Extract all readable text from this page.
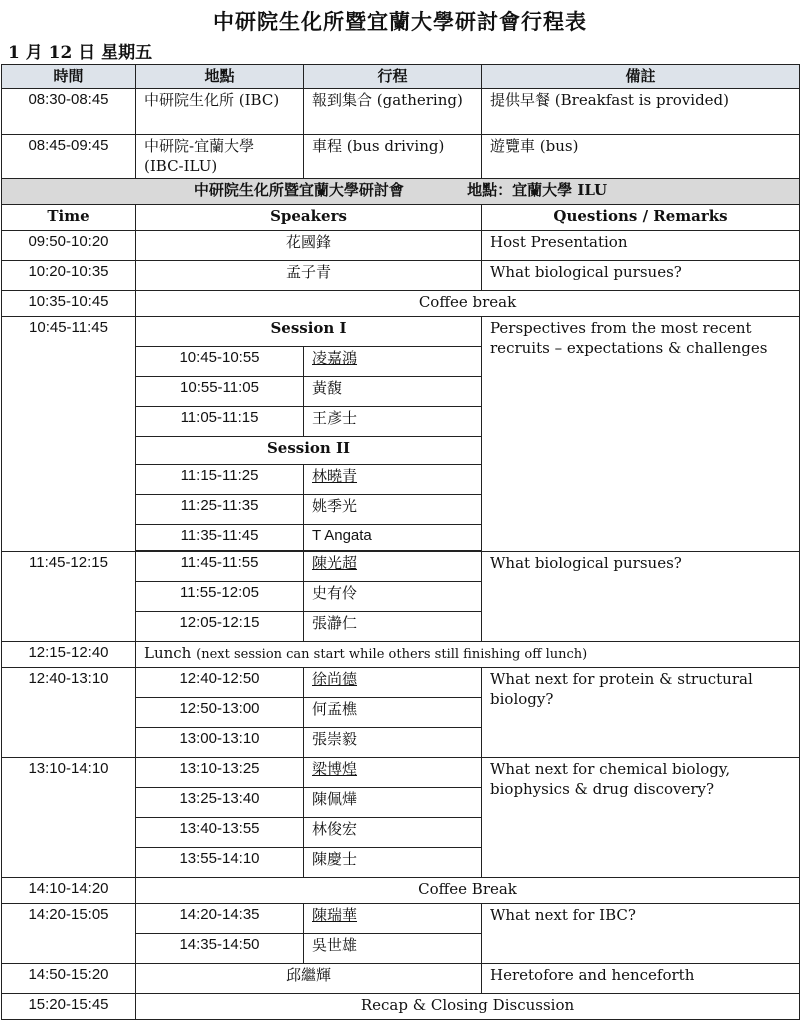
中研院生化所暨宜蘭大學研討會行程表
1 月 12 日 星期五
時間	地點	行程	備註
08:30-08:45	中研院生化所 (IBC)	報到集合 (gathering)	提供早餐 (Breakfast is provided)
08:45-09:45	中研院-宜蘭大學 (IBC-ILU)	車程 (bus driving)	遊覽車 (bus)
中研院生化所暨宜蘭大學研討會 地點：宜蘭大學 ILU			
Time	Speakers		Questions / Remarks
09:50-10:20	花國鋒		Host Presentation
10:20-10:35	孟子青		What biological pursues?
10:35-10:45	Coffee break		
10:45-11:45	Session I		Perspectives from the most recent recruits – expectations & challenges
	10:45-10:55	凌嘉鴻	
	10:55-11:05	黃馥	
	11:05-11:15	王彥士	
	Session II		
	11:15-11:25	林曉青	
	11:25-11:35	姚季光	
	11:35-11:45	T Angata	

11:45-12:15	11:45-11:55	陳光超	What biological pursues?
	11:55-12:05	史有伶	
	12:05-12:15	張瀞仁	
12:15-12:40	Lunch (next session can start while others still finishing off lunch)		
12:40-13:10	12:40-12:50	徐尚德	What next for protein & structural biology?
	12:50-13:00	何孟樵	
	13:00-13:10	張崇毅	
13:10-14:10	13:10-13:25	梁博煌	What next for chemical biology, biophysics & drug discovery?
	13:25-13:40	陳佩燁	
	13:40-13:55	林俊宏	
	13:55-14:10	陳慶士	
14:10-14:20	Coffee Break		
14:20-15:05	14:20-14:35	陳瑞華	What next for IBC?
	14:35-14:50	吳世雄	
14:50-15:20	邱繼輝		Heretofore and henceforth
15:20-15:45	Recap & Closing Discussion		
